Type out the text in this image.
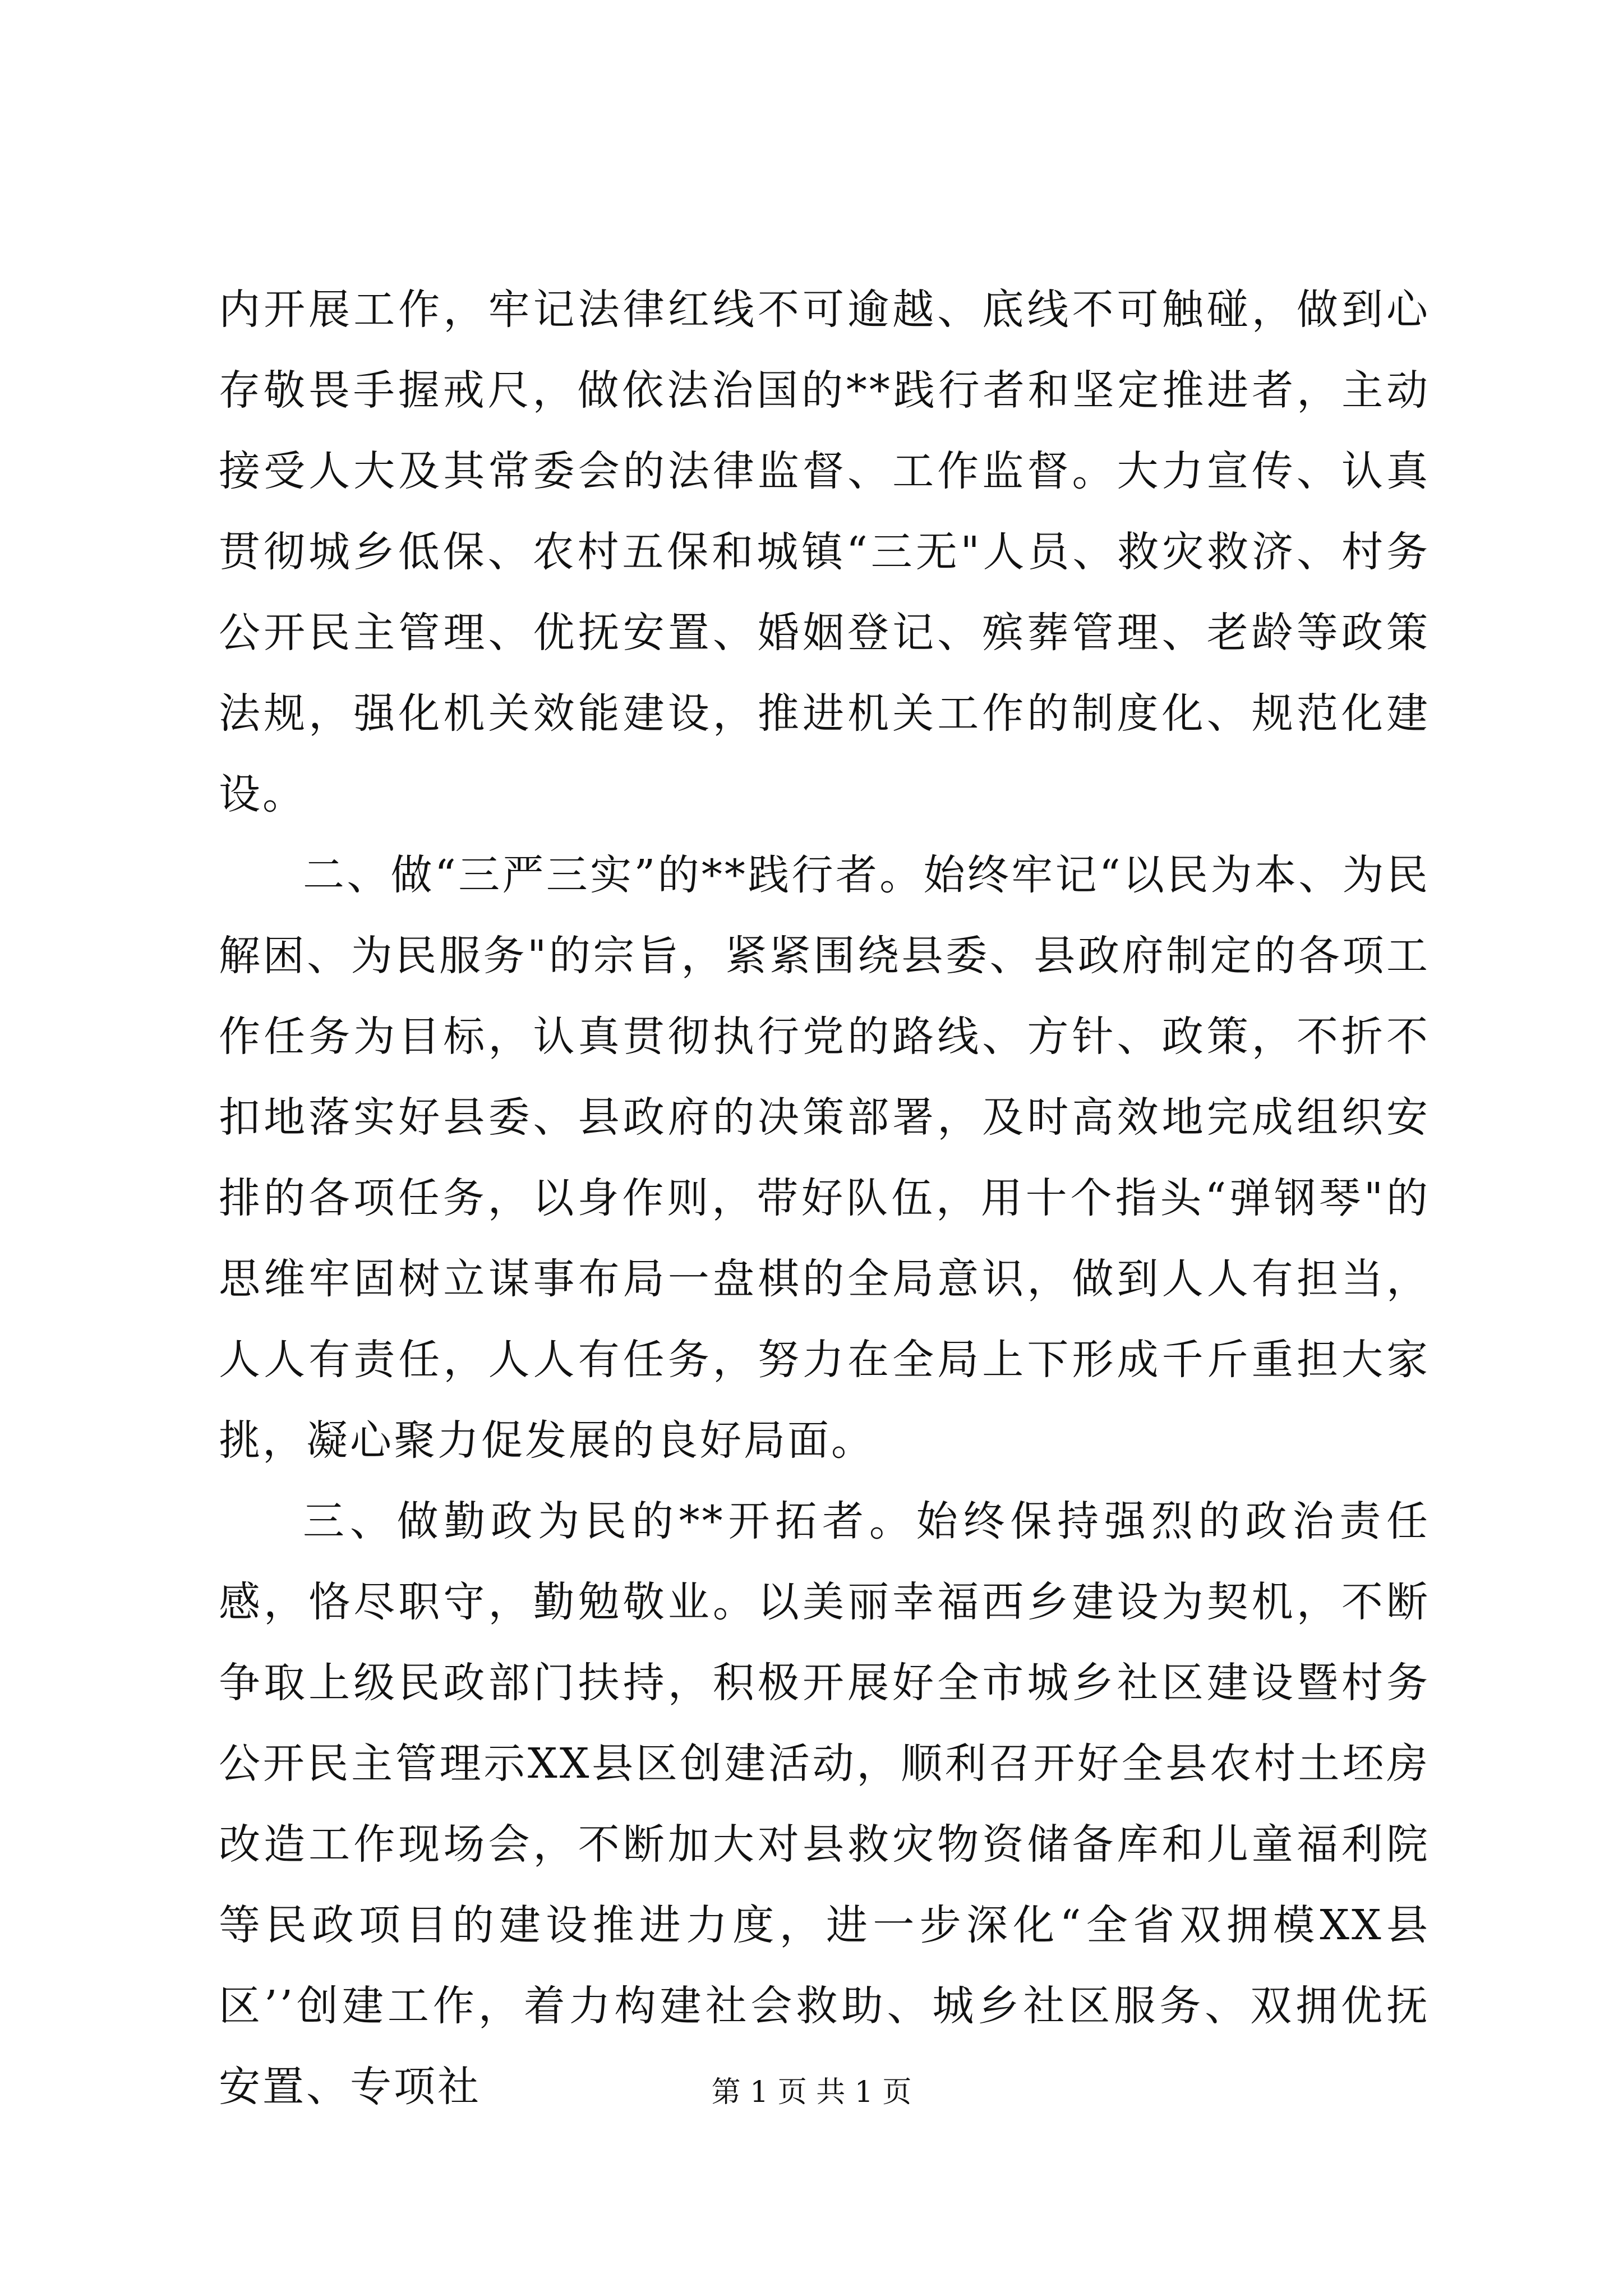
内开展工作，牢记法律红线不可逾越、底线不可触碰，做到心存敬畏手握戒尺，做依法治国的**践行者和坚定推进者，主动接受人大及其常委会的法律监督、工作监督。大力宣传、认真贯彻城乡低保、农村五保和城镇“三无"人员、救灾救济、村务公开民主管理、优抚安置、婚姻登记、殡葬管理、老龄等政策法规，强化机关效能建设，推进机关工作的制度化、规范化建设。

二、做“三严三实”的**践行者。始终牢记“以民为本、为民解困、为民服务"的宗旨，紧紧围绕县委、县政府制定的各项工作任务为目标，认真贯彻执行党的路线、方针、政策，不折不扣地落实好县委、县政府的决策部署，及时高效地完成组织安排的各项任务，以身作则，带好队伍，用十个指头“弹钢琴"的思维牢固树立谋事布局一盘棋的全局意识，做到人人有担当，人人有责任，人人有任务，努力在全局上下形成千斤重担大家挑，凝心聚力促发展的良好局面。

三、做勤政为民的**开拓者。始终保持强烈的政治责任感，恪尽职守，勤勉敬业。以美丽幸福西乡建设为契机，不断争取上级民政部门扶持，积极开展好全市城乡社区建设暨村务公开民主管理示XX县区创建活动，顺利召开好全县农村土坯房改造工作现场会，不断加大对县救灾物资储备库和儿童福利院等民政项目的建设推进力度，进一步深化“全省双拥模XX县区’’创建工作，着力构建社会救助、城乡社区服务、双拥优抚安置、专项社	第 1 页 共 1 页
